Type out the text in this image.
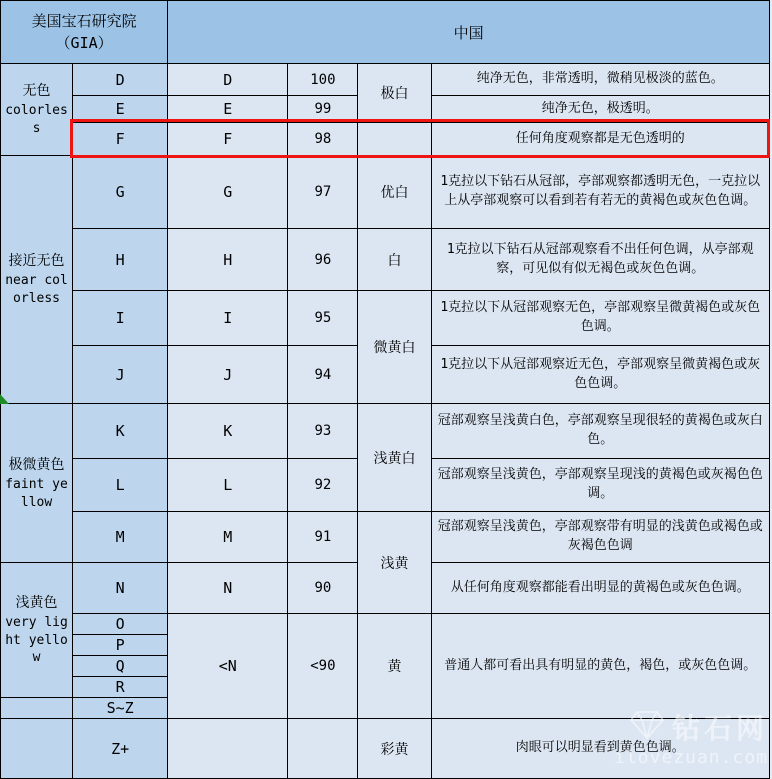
美国宝石研究院
（GIA）		中国			

无色
colorless	D	D	100	极白	纯净无色，非常透明，微稍见极淡的蓝色。
	E	E	99		纯净无色，极透明。
	F	F	98		任何角度观察都是无色透明的

接近无色
near colorless	G	G	97	优白	1克拉以下钻石从冠部，亭部观察都透明无色，一克拉以上从亭部观察可以看到若有若无的黄褐色或灰色色调。
	H	H	96	白	1克拉以下钻石从冠部观察看不出任何色调，从亭部观察，可见似有似无褐色或灰色色调。
	I	I	95	微黄白	1克拉以下从冠部观察无色，亭部观察呈微黄褐色或灰色色调。
	J	J	94		1克拉以下从冠部观察近无色，亭部观察呈微黄褐色或灰色色调。

极微黄色
faint yellow	K	K	93	浅黄白	冠部观察呈浅黄白色，亭部观察呈现很轻的黄褐色或灰白色。
	L	L	92		冠部观察呈浅黄色，亭部观察呈现浅的黄褐色或灰褐色色调。
	M	M	91	浅黄	冠部观察呈浅黄色，亭部观察带有明显的浅黄色或褐色或灰褐色色调

浅黄色
very light yellow	N	N	90		从任何角度观察都能看出明显的黄褐色或灰色色调。
	O	<N	<90	黄	普通人都可看出具有明显的黄色，褐色，或灰色色调。
	P				
	Q				
	R				
	S~Z				
	Z+			彩黄	肉眼可以明显看到黄色色调。
钻石网
ilovezuan.com
